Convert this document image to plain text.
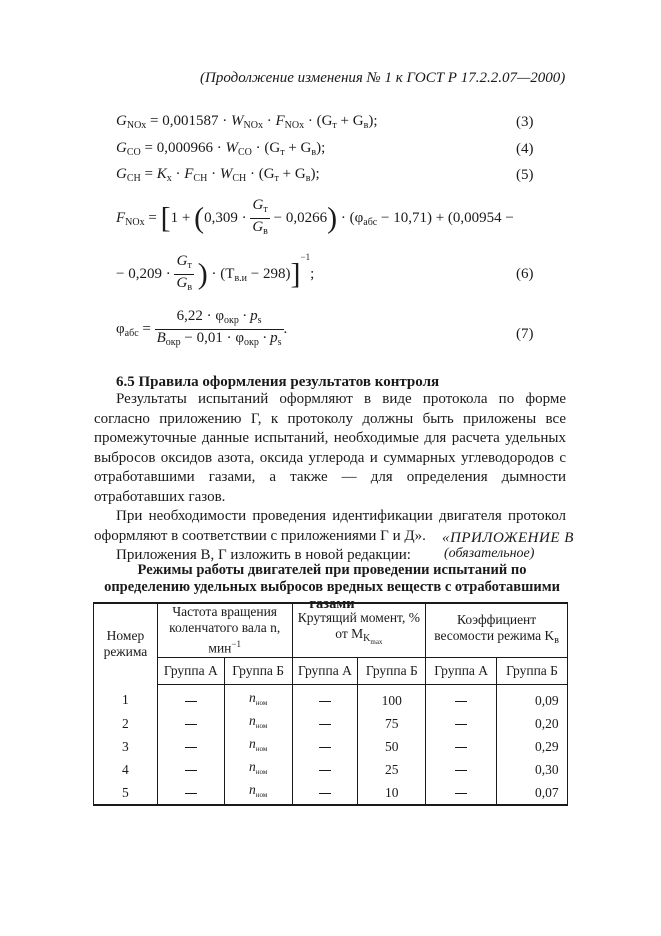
(Продолжение изменения № 1 к ГОСТ Р 17.2.2.07—2000)
$G_{NOx} = 0,001587 \cdot W_{NOx} \cdot F_{NOx} \cdot (G_т + G_в)$;	(3)
$G_{CO} = 0,000966 \cdot W_{CO} \cdot (G_т + G_в)$;	(4)
$G_{CH} = K_x \cdot F_{CH} \cdot W_{CH} \cdot (G_т + G_в)$;	(5)
$F_{NOx} = [1 + (0,309 \cdot \frac{G_т}{G_в} - 0,0266) \cdot (\varphi_{абс} - 10,71) + (0,00954$ −
− $0,209 \cdot \frac{G_т}{G_в}$ ) · $(T_{в.и} - 298)]^{-1}$;	(6)
$\varphi_{абс} = \frac{6,22 \cdot \varphi_{окр} \cdot p_s}{B_{окр} - 0,01 \cdot \varphi_{окр} \cdot p_s}$ .	(7)
6.5 Правила оформления результатов контроля

Результаты испытаний оформляют в виде протокола по форме согласно приложению Г, к протоколу должны быть приложены все промежуточные данные испытаний, необходимые для расчета удельных выбросов оксидов азота, оксида углерода и суммарных углеводородов с отработавшими газами, а также — для определения дымности отработавших газов.

При необходимости проведения идентификации двигателя протокол оформляют в соответствии с приложениями Г и Д».

Приложения В, Г изложить в новой редакции:

«ПРИЛОЖЕНИЕ В
(обязательное)
Режимы работы двигателей при проведении испытаний по определению удельных выбросов вредных веществ с отработавшими газами
Номер режима	Частота вращения коленчатого вала n, мин$^{-1}$		Крутящий момент, % от $M_{K_{max}}$		Коэффициент весомости режима $K_в$
	Группа А	Группа Б	Группа А	Группа Б	Группа А	Группа Б
1		$n_{ном}$		100		0,09
2		$n_{ном}$		75		0,20
3		$n_{ном}$		50		0,29
4		$n_{ном}$		25		0,30
5		$n_{ном}$		10		0,07
